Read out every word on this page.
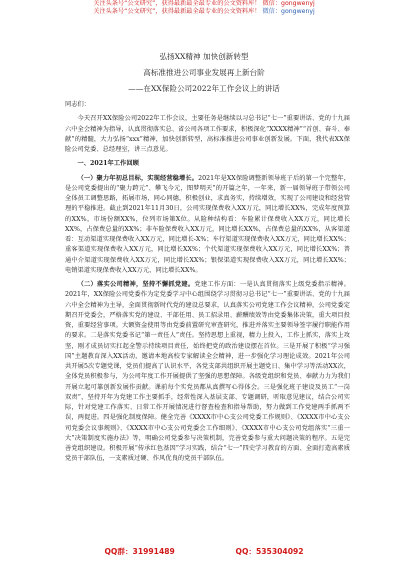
关注头条号“公文研究”，获得最新最全最专业的公文资料库！ 微信：gongwenyj
关注头条号“公文研究”，获得最新最全最专业的公文资料库！ 微信：gongwenyj
弘扬XX精神 加快创新转型
高标准推进公司事业发展再上新台阶
——在XX保险公司2022年工作会议上的讲话

同志们：

今天召开XX保险公司2022年工作会议，主要任务是继续以习总书记“七一”重要讲话、党的十九届六中全会精神为指导，认真贯彻落实总、省公司各项工作要求，积极深化“XXXX精神”“首创、奋斗、奉献”的精髓，大力弘扬“xxx”精神，加快创新转型，高标准推进公司事业创新发展。下面，我代表XX保险公司党委、总经理室，讲三点意见。

一、2021年工作回顾

（一）聚力年初总目标，实现经营稳增长。2021年是XX保险调整新领导班子后的第一个完整年，是公司党委提出的“聚力跨元”、攀飞今元，图梦明天”的开篇之年，一年来，新一届领导班子带领公司全体员工调整思路，拓展市场，同心同德，积极创业，求真务实，持续增效，实现了公司建设和经营管理的平稳推进。截止到2021年11月30日，公司实现保费收入XX万元，同比增长XX%，完成年度预算的XX%，市场份额XX%，位列市场第X位。从险种结构看：车险累计保费收入XX万元，同比增长XX%，占保费总量的XX%；非车险保费收入XX万元，同比增长XX%，占保费总量的XX%，从客渠道看：互动渠道实现保费收入XX万元，同比增长-X%；车行渠道实现保费收入XX万元，同比增长XX%；重客渠道实现保费收入XX万元，同比增长XX%；个代渠道实现保费收入XX万元，同比增长XX%；普通中介渠道实现保费收入XX万元，同比增长XX%；银保渠道实现保费收入XX万元，同比增长XX%；电销渠道实现保费收入XX万元，同比增长XX%。

（二）落实公司精神，坚持不懈抓党建。党建工作方面：一是认真贯彻落实上级党委指示精神。2021年，XX保险公司党委作为定党委学习中心组围绕学习贯彻习总书记“七一”重要讲话、党的十九届六中全会精神为主导，全面贯彻新时代党的建设总要求，认真落实公司党建工作会议精神，公司党委定期召开党委会，严格落实党的建设、干部任用、员工招录用、薪酬绩效等由党委集体决策，重大项目投资，重要经营事项。大额资金使用等由党委前置研究审查研究，推进并落实主要领导签字履行职能作用的要求。二是落实党委书记“第一责任人”责任。坚持思想上重视，精力上投入，工作上抓实，落实上攻坚，刚才成员切实扛起全警示持续项目责任，始终把党的政治建设摆在首位。三是开展了积极“学习强国”主题教育深入XX活动，邀请本地高校专家解读全会精神，进一步强化学习理论成效。2021年公司共开展5次专题党课，党员们提高了认识水平，各党支部共组织开展主题党日、集中学习等活动XX次，全体党员积极参与，为公司年度工作开展提供了坚强的思想保障。各级党组织和党员、奉献力力为我们开展立起可靠创新发展作贡献。课前每个实党员都从真撰写心得体会。三是强化班子建设及员工“一岗双责”，坚持开年为党建工作主要抓手，经常性深入基层支部、专题调研，听取意见建议，结合公司实际，针对党建工作落实、日常工作开展情况进行督查检查和指导帮助，努力做到工作党建两手抓两不误，两促进。四是强化制度保障。健全完善《XXXX市中心支公司党委工作规则》、《XXXX市中心支公司党委会议事规则》、《XXXX市中心支公司党委会工作细则》、《XXXX市中心支公司党组落实“三重一大”决策制度实施办法》等，明确公司党委参与决策机制，完善党委参与重大问题决策的程序。五是完善党组织建设。积极开展“传承红色基因”学习实践，结合“七一”四史学习教育的方面、全面打造高素质党员干部队伍，一支素质过硬、作风优良的党员干部队伍。

QQ群：31991489	QQ：535304092
